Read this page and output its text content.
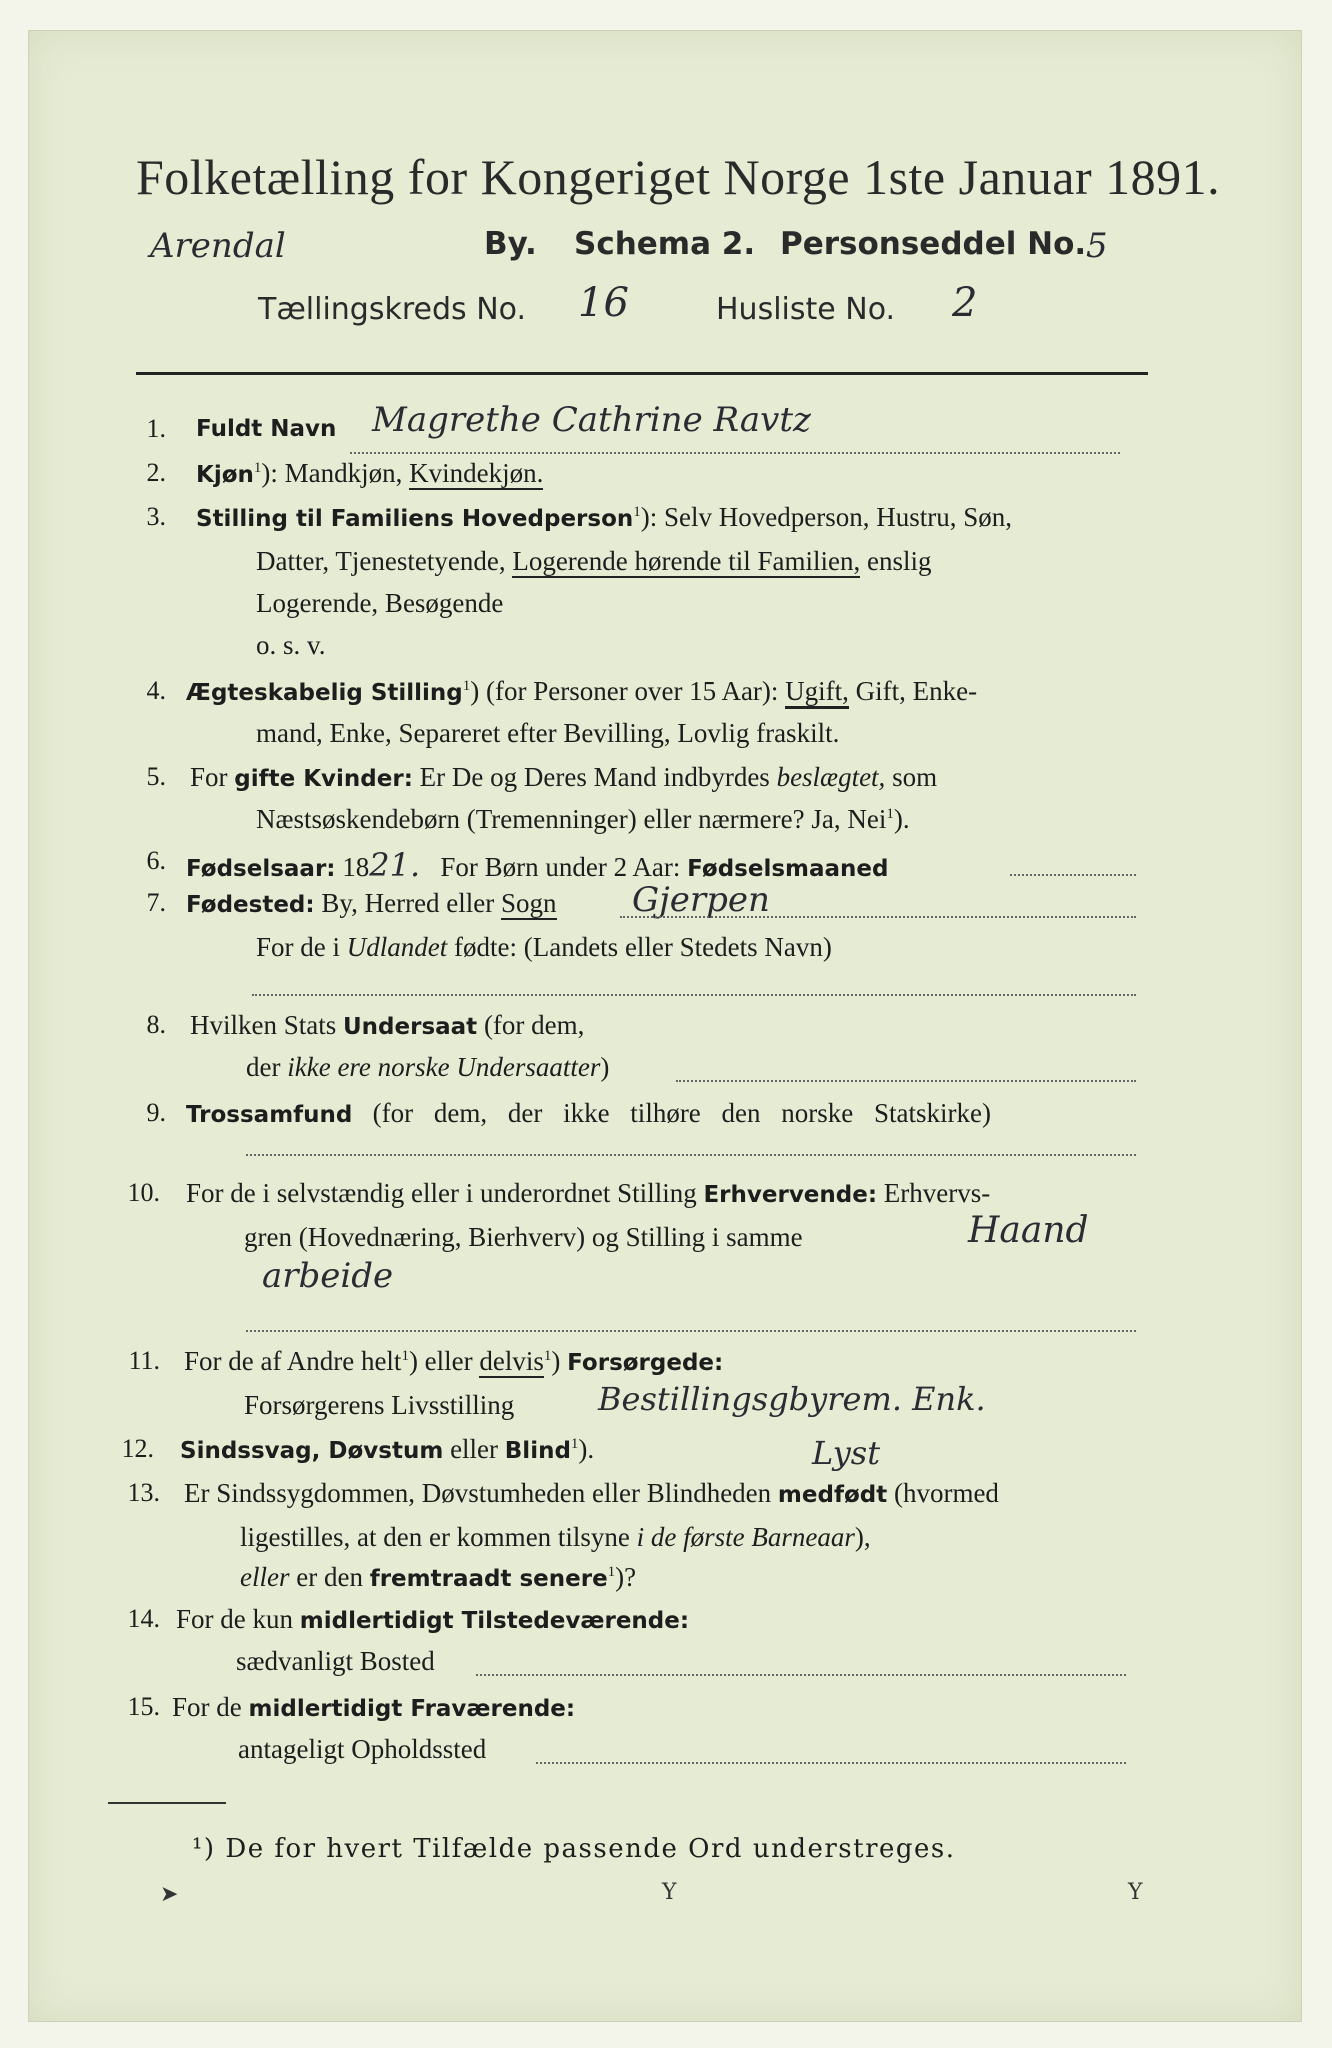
Folketælling for Kongeriget Norge 1ste Januar 1891.
Arendal	By. Schema 2. Personseddel No. 5
Tællingskreds No. 16	Husliste No. 2
1. Fuldt Navn Magrethe Cathrine Ravtz
2. Kjøn$^1$): Mandkjøn, Kvindekjøn.
3. Stilling til Familiens Hovedperson$^1$): Selv Hovedperson, Hustru, Søn,
Datter, Tjenestetyende, Logerende hørende til Familien, enslig
Logerende, Besøgende
o. s. v.
4. Ægteskabelig Stilling$^1$) (for Personer over 15 Aar): Ugift, Gift, Enke-
mand, Enke, Separeret efter Bevilling, Lovlig fraskilt.
5. For gifte Kvinder: Er De og Deres Mand indbyrdes beslægtet, som
Næstsøskendebørn (Tremenninger) eller nærmere? Ja, Nei$^1$).
6. Fødselsaar: 1821. For Børn under 2 Aar: Fødselsmaaned
7. Fødested: By, Herred eller Sogn Gjerpen
For de i Udlandet fødte: (Landets eller Stedets Navn)
8. Hvilken Stats Undersaat (for dem,
der ikke ere norske Undersaatter)
9. Trossamfund (for dem, der ikke tilhøre den norske Statskirke)
10. For de i selvstændig eller i underordnet Stilling Erhvervende: Erhvervs-
gren (Hovednæring, Bierhverv) og Stilling i samme	Haand
arbeide
11. For de af Andre helt$^1$) eller delvis$^1$) Forsørgede:
Forsørgerens Livsstilling	Bestillingsgbyrem. Enk.
12. Sindssvag, Døvstum eller Blind$^1$).	Lyst
13. Er Sindssygdommen, Døvstumheden eller Blindheden medfødt (hvormed
ligestilles, at den er kommen tilsyne i de første Barneaar),
eller er den fremtraadt senere$^1$)?
14. For de kun midlertidigt Tilstedeværende:
sædvanligt Bosted
15. For de midlertidigt Fraværende:
antageligt Opholdssted
¹) De for hvert Tilfælde passende Ord understreges.
➤	Y	Y
